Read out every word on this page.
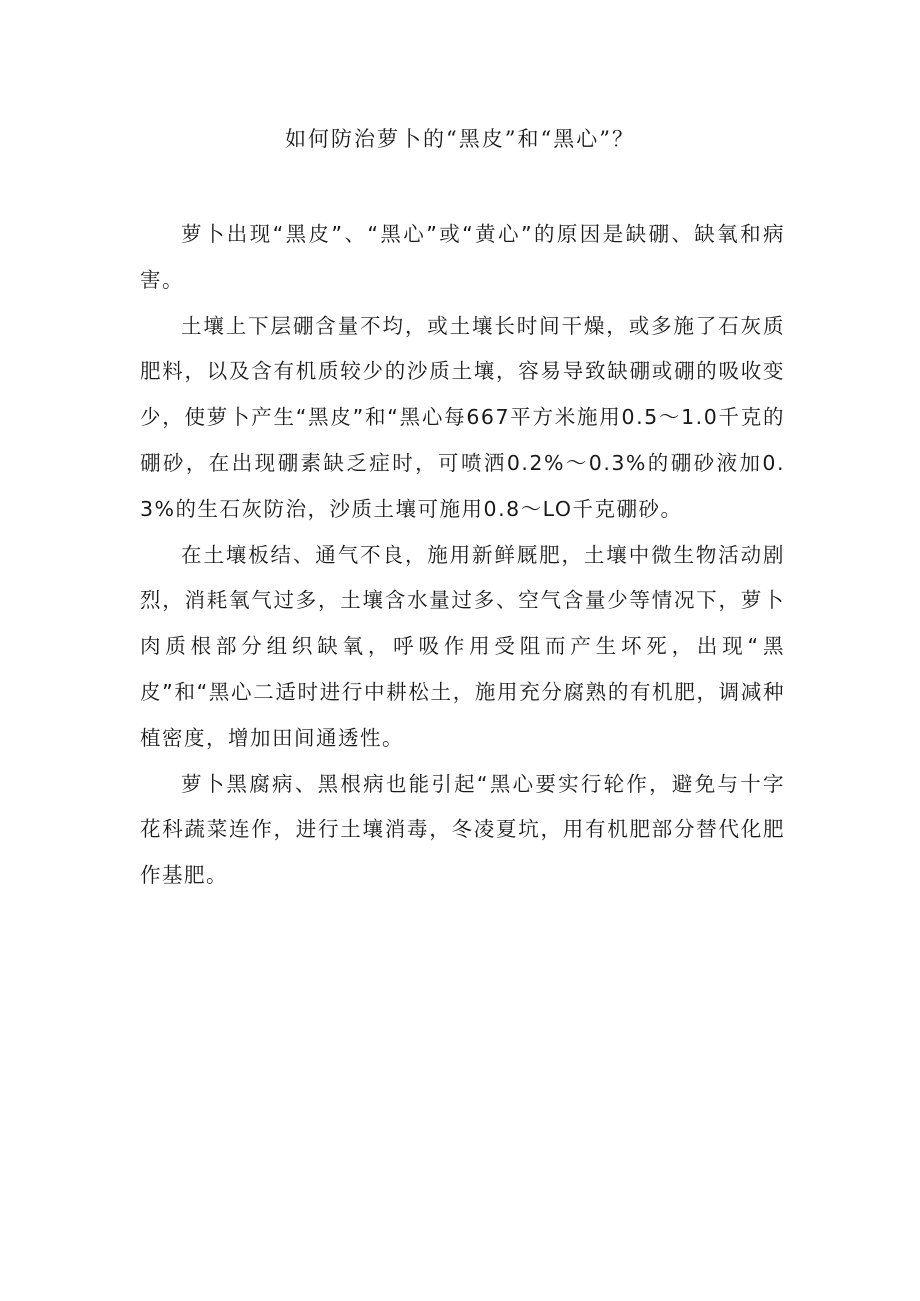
如何防治萝卜的“黑皮”和“黑心”？

萝卜出现“黑皮”、“黑心”或“黄心”的原因是缺硼、缺氧和病害。

土壤上下层硼含量不均，或土壤长时间干燥，或多施了石灰质肥料，以及含有机质较少的沙质土壤，容易导致缺硼或硼的吸收变少，使萝卜产生“黑皮”和“黑心每667平方米施用0.5～1.0千克的硼砂，在出现硼素缺乏症时，可喷洒0.2%～0.3%的硼砂液加0.3%的生石灰防治，沙质土壤可施用0.8～LO千克硼砂。

在土壤板结、通气不良，施用新鲜厩肥，土壤中微生物活动剧烈，消耗氧气过多，土壤含水量过多、空气含量少等情况下，萝卜肉质根部分组织缺氧，呼吸作用受阻而产生坏死，出现“黑皮”和“黑心二适时进行中耕松土，施用充分腐熟的有机肥，调减种植密度，增加田间通透性。

萝卜黑腐病、黑根病也能引起“黑心要实行轮作，避免与十字花科蔬菜连作，进行土壤消毒，冬凌夏坑，用有机肥部分替代化肥作基肥。
